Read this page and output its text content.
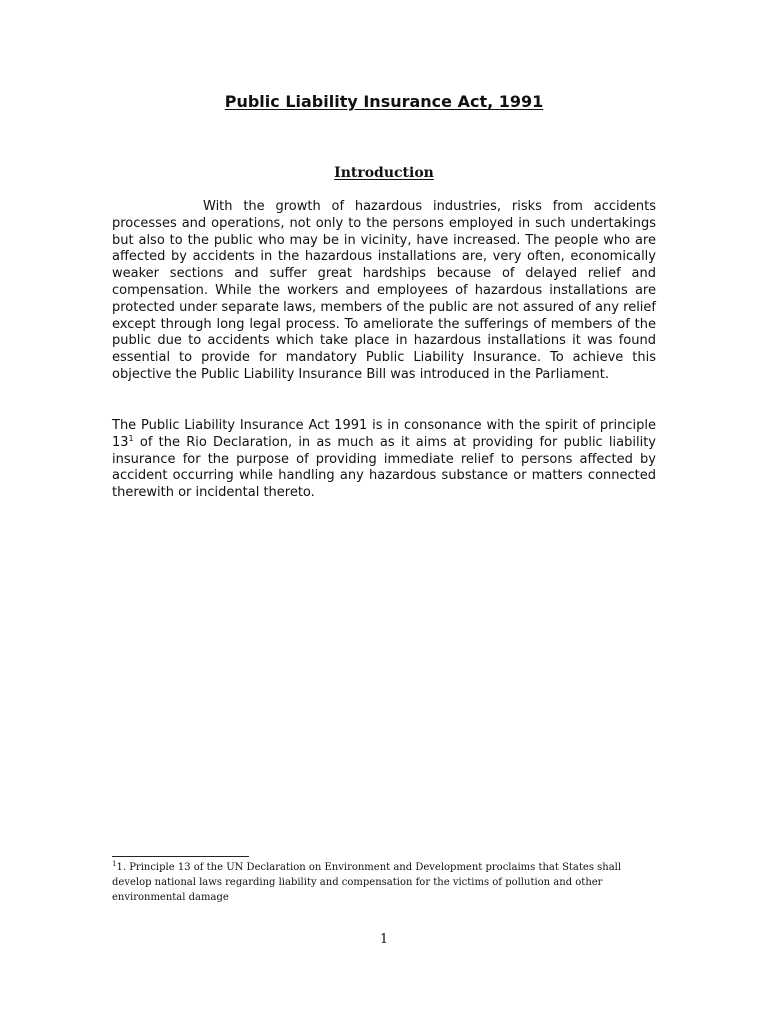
Public Liability Insurance Act, 1991
Introduction

With the growth of hazardous industries, risks from accidents processes and operations, not only to the persons employed in such undertakings but also to the public who may be in vicinity, have increased. The people who are affected by accidents in the hazardous installations are, very often, economically weaker sections and suffer great hardships because of delayed relief and compensation. While the workers and employees of hazardous installations are protected under separate laws, members of the public are not assured of any relief except through long legal process. To ameliorate the sufferings of members of the public due to accidents which take place in hazardous installations it was found essential to provide for mandatory Public Liability Insurance. To achieve this objective the Public Liability Insurance Bill was introduced in the Parliament.

The Public Liability Insurance Act 1991 is in consonance with the spirit of principle $13^1$ of the Rio Declaration, in as much as it aims at providing for public liability insurance for the purpose of providing immediate relief to persons affected by accident occurring while handling any hazardous substance or matters connected therewith or incidental thereto.

$^1$1. Principle 13 of the UN Declaration on Environment and Development proclaims that States shall develop national laws regarding liability and compensation for the victims of pollution and other environmental damage

1
